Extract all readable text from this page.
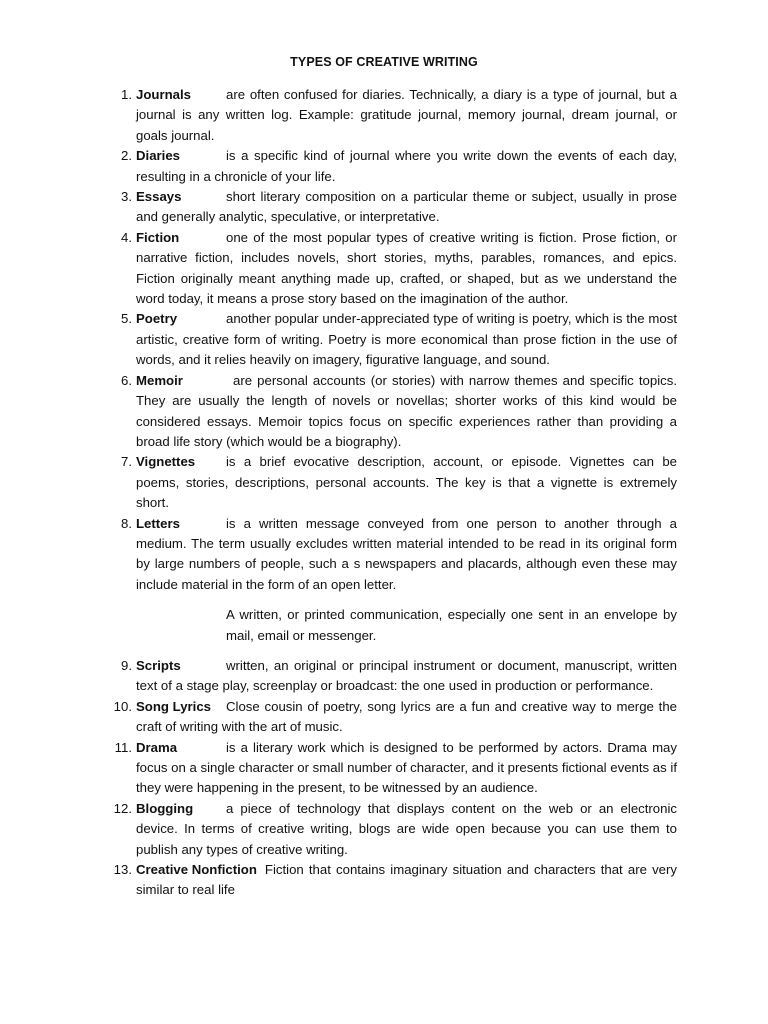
TYPES OF CREATIVE WRITING
1. Journals	are often confused for diaries. Technically, a diary is a type of journal, but a journal is any written log. Example: gratitude journal, memory journal, dream journal, or goals journal.
2. Diaries	is a specific kind of journal where you write down the events of each day, resulting in a chronicle of your life.
3. Essays	short literary composition on a particular theme or subject, usually in prose and generally analytic, speculative, or interpretative.
4. Fiction	one of the most popular types of creative writing is fiction. Prose fiction, or narrative fiction, includes novels, short stories, myths, parables, romances, and epics. Fiction originally meant anything made up, crafted, or shaped, but as we understand the word today, it means a prose story based on the imagination of the author.
5. Poetry	another popular under-appreciated type of writing is poetry, which is the most artistic, creative form of writing. Poetry is more economical than prose fiction in the use of words, and it relies heavily on imagery, figurative language, and sound.
6. Memoir	are personal accounts (or stories) with narrow themes and specific topics. They are usually the length of novels or novellas; shorter works of this kind would be considered essays. Memoir topics focus on specific experiences rather than providing a broad life story (which would be a biography).
7. Vignettes is a brief evocative description, account, or episode. Vignettes can be poems, stories, descriptions, personal accounts. The key is that a vignette is extremely short.
8. Letters	is a written message conveyed from one person to another through a medium. The term usually excludes written material intended to be read in its original form by large numbers of people, such a s newspapers and placards, although even these may include material in the form of an open letter.
A written, or printed communication, especially one sent in an envelope by mail, email or messenger.
9. Scripts	written, an original or principal instrument or document, manuscript, written text of a stage play, screenplay or broadcast: the one used in production or performance.
10. Song Lyrics Close cousin of poetry, song lyrics are a fun and creative way to merge the craft of writing with the art of music.
11. Drama	is a literary work which is designed to be performed by actors. Drama may focus on a single character or small number of character, and it presents fictional events as if they were happening in the present, to be witnessed by an audience.
12. Blogging a piece of technology that displays content on the web or an electronic device. In terms of creative writing, blogs are wide open because you can use them to publish any types of creative writing.
13. Creative Nonfiction Fiction that contains imaginary situation and characters that are very similar to real life
